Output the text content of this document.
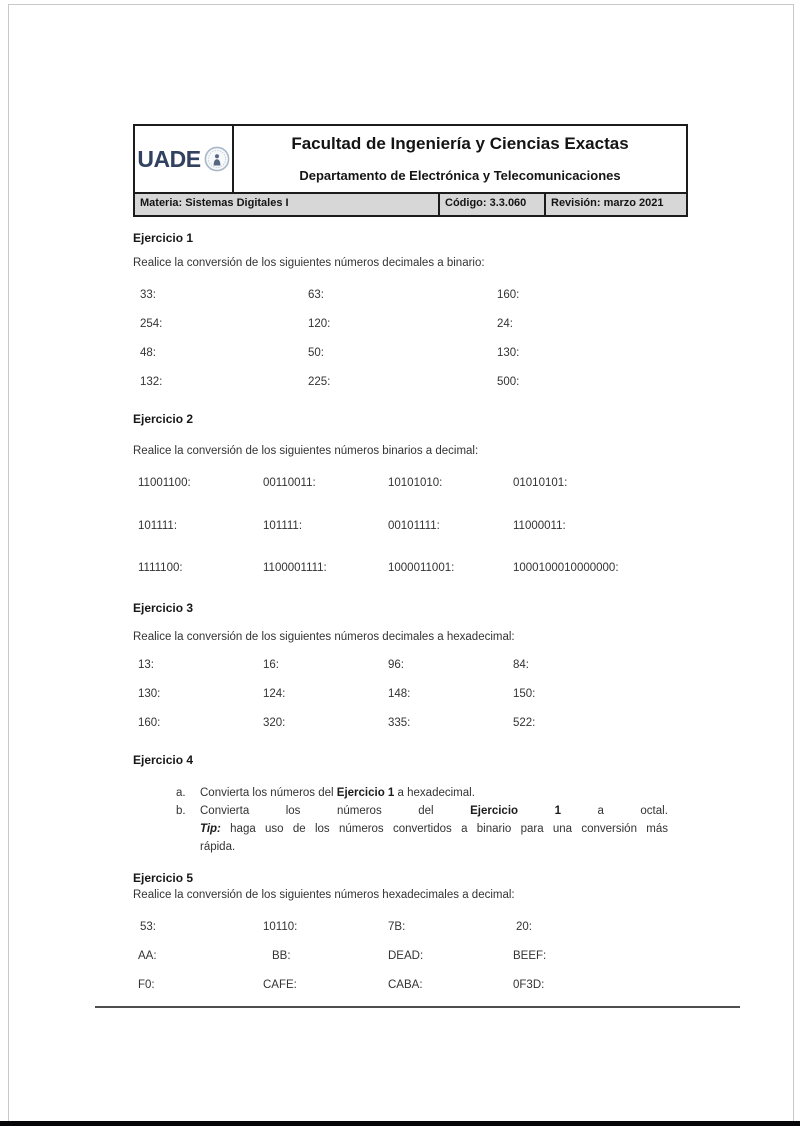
UADE
Facultad de Ingeniería y Ciencias Exactas
Departamento de Electrónica y Telecomunicaciones
Materia: Sistemas Digitales I	Código: 3.3.060	Revisión: marzo 2021
Ejercicio 1
Realice la conversión de los siguientes números decimales a binario:
33:	63:	160:
254:	120:	24:
48:	50:	130:
132:	225:	500:
Ejercicio 2
Realice la conversión de los siguientes números binarios a decimal:
11001100:	00110011:	10101010:	01010101:
101111:	101111:	00101111:	11000011:
1111100:	1100001111:	1000011001:	1000100010000000:
Ejercicio 3
Realice la conversión de los siguientes números decimales a hexadecimal:
13:	16:	96:	84:
130:	124:	148:	150:
160:	320:	335:	522:
Ejercicio 4
a.	Convierta los números del Ejercicio 1 a hexadecimal.
b.	Convierta	los	números	del	Ejercicio	1	a	octal.
Tip: haga uso de los números convertidos a binario para una conversión más
rápida.
Ejercicio 5
Realice la conversión de los siguientes números hexadecimales a decimal:
53:	10110:	7B:	20:
AA:	BB:	DEAD:	BEEF:
F0:	CAFE:	CABA:	0F3D:
